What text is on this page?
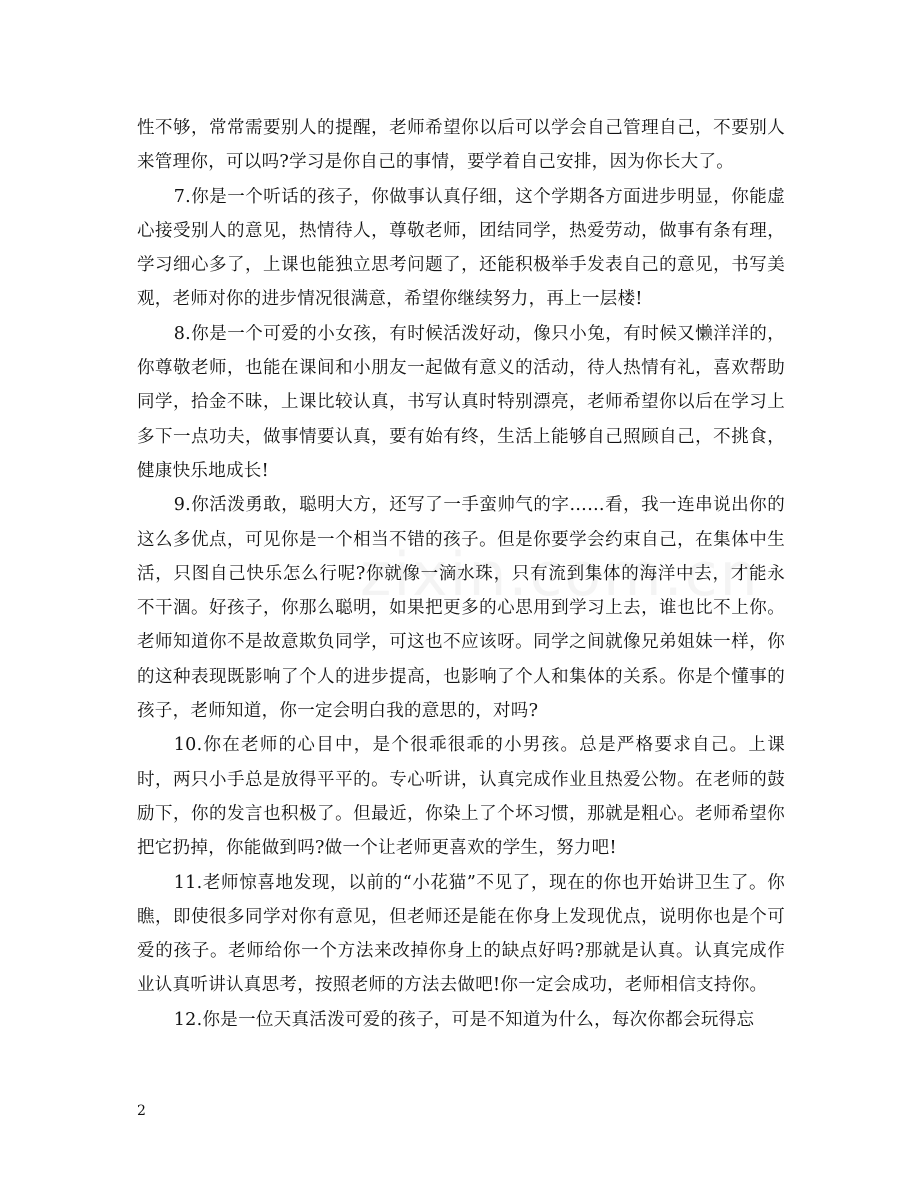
性不够，常常需要别人的提醒，老师希望你以后可以学会自己管理自己，不要别人来管理你，可以吗?学习是你自己的事情，要学着自己安排，因为你长大了。

7.你是一个听话的孩子，你做事认真仔细，这个学期各方面进步明显，你能虚心接受别人的意见，热情待人，尊敬老师，团结同学，热爱劳动，做事有条有理，学习细心多了，上课也能独立思考问题了，还能积极举手发表自己的意见，书写美观，老师对你的进步情况很满意，希望你继续努力，再上一层楼!

8.你是一个可爱的小女孩，有时候活泼好动，像只小兔，有时候又懒洋洋的，你尊敬老师，也能在课间和小朋友一起做有意义的活动，待人热情有礼，喜欢帮助同学，拾金不昧，上课比较认真，书写认真时特别漂亮，老师希望你以后在学习上多下一点功夫，做事情要认真，要有始有终，生活上能够自己照顾自己，不挑食，健康快乐地成长!

9.你活泼勇敢，聪明大方，还写了一手蛮帅气的字……看，我一连串说出你的这么多优点，可见你是一个相当不错的孩子。但是你要学会约束自己，在集体中生活，只图自己快乐怎么行呢?你就像一滴水珠，只有流到集体的海洋中去，才能永不干涸。好孩子，你那么聪明，如果把更多的心思用到学习上去，谁也比不上你。老师知道你不是故意欺负同学，可这也不应该呀。同学之间就像兄弟姐妹一样，你的这种表现既影响了个人的进步提高，也影响了个人和集体的关系。你是个懂事的孩子，老师知道，你一定会明白我的意思的，对吗?

10.你在老师的心目中，是个很乖很乖的小男孩。总是严格要求自己。上课时，两只小手总是放得平平的。专心听讲，认真完成作业且热爱公物。在老师的鼓励下，你的发言也积极了。但最近，你染上了个坏习惯，那就是粗心。老师希望你把它扔掉，你能做到吗?做一个让老师更喜欢的学生，努力吧!

11.老师惊喜地发现，以前的“小花猫”不见了，现在的你也开始讲卫生了。你瞧，即使很多同学对你有意见，但老师还是能在你身上发现优点，说明你也是个可爱的孩子。老师给你一个方法来改掉你身上的缺点好吗?那就是认真。认真完成作业认真听讲认真思考，按照老师的方法去做吧!你一定会成功，老师相信支持你。

12.你是一位天真活泼可爱的孩子，可是不知道为什么，每次你都会玩得忘

2
